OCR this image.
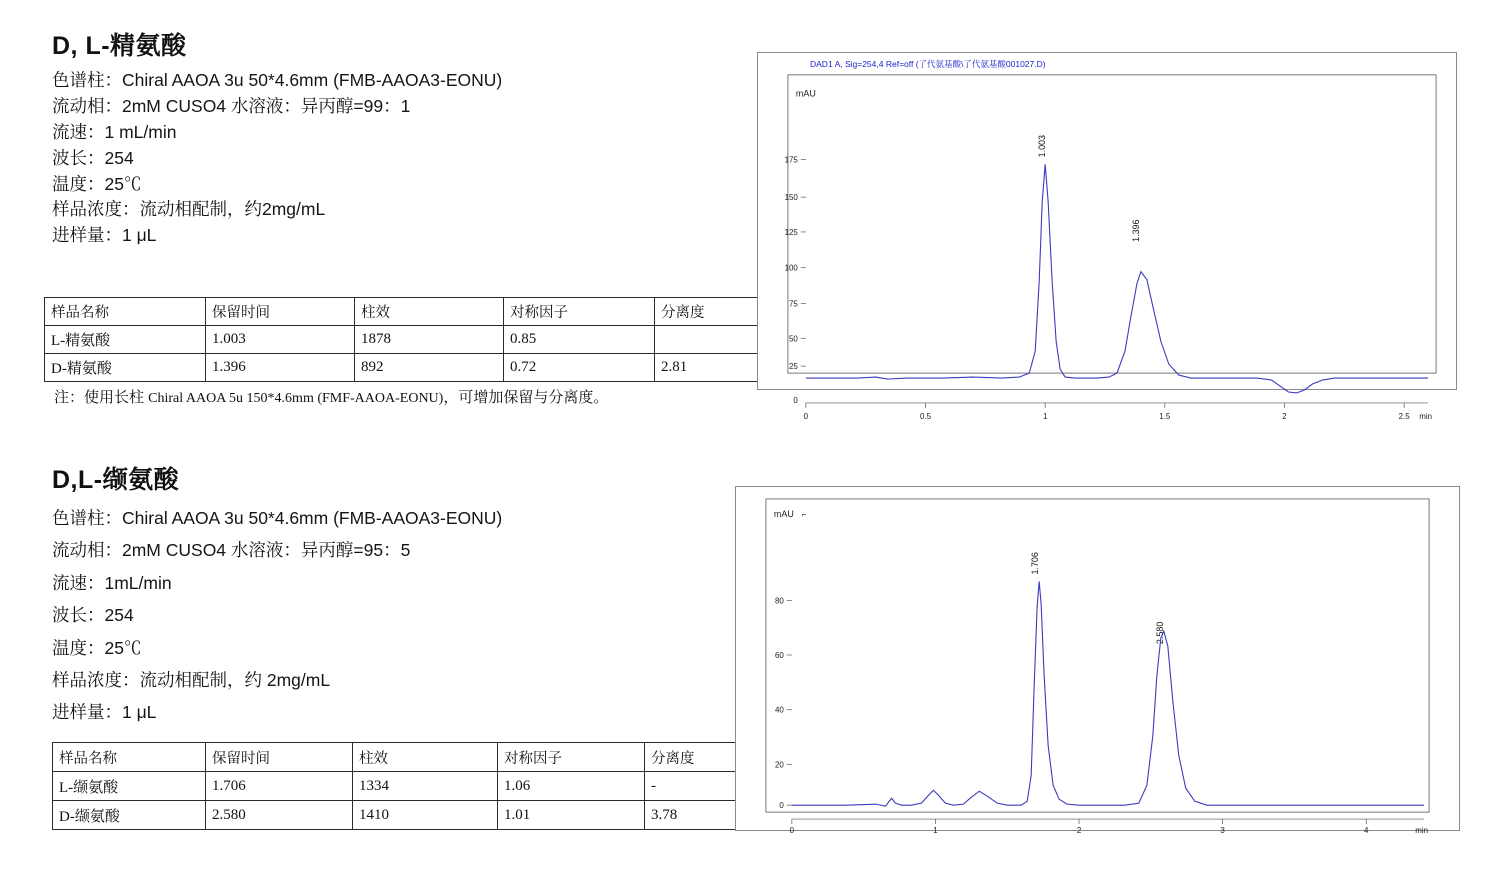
D, L-精氨酸
色谱柱：Chiral AAOA 3u 50*4.6mm (FMB-AAOA3-EONU)
流动相：2mM CUSO4 水溶液：异丙醇=99：1
流速：1 mL/min
波长：254
温度：25℃
样品浓度：流动相配制，约2mg/mL
进样量：1 μL
样品名称	保留时间	柱效	对称因子	分离度
L-精氨酸	1.003	1878	0.85	
D-精氨酸	1.396	892	0.72	2.81
注：使用长柱 Chiral AAOA 5u 150*4.6mm (FMF-AAOA-EONU)，可增加保留与分离度。
DAD1 A, Sig=254,4 Ref=off (了代氨基酸\了代氨基酸001027.D)
mAU
175
150
125
100
75
50
25
0
0	0.5	1	1.5	2	2.5 min
1.003
1.396
D,L-缬氨酸
色谱柱：Chiral AAOA 3u 50*4.6mm (FMB-AAOA3-EONU)
流动相：2mM CUSO4 水溶液：异丙醇=95：5
流速：1mL/min
波长：254
温度：25℃
样品浓度：流动相配制，约 2mg/mL
进样量：1 μL
样品名称	保留时间	柱效	对称因子	分离度
L-缬氨酸	1.706	1334	1.06	-
D-缬氨酸	2.580	1410	1.01	3.78
mAU ⌐
80
60
40
20
0
0	1	2	3	4	min
1.706
2.580
